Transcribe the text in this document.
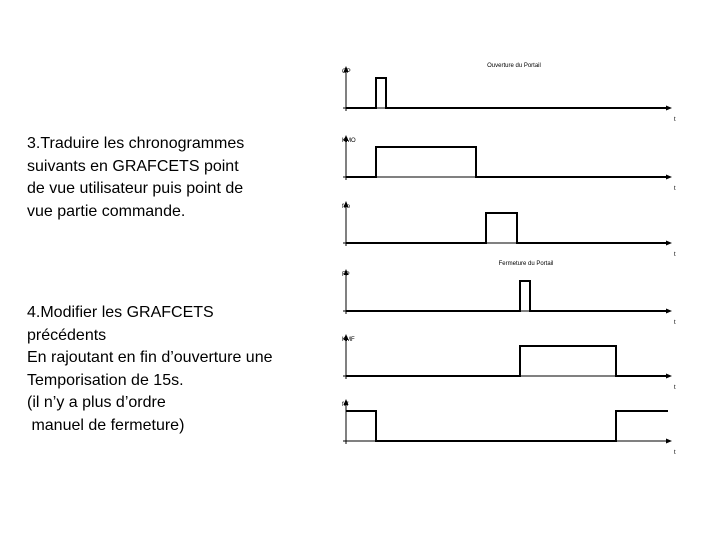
3.Traduire les chronogrammes
suivants en GRAFCETS point
de vue utilisateur puis point de
vue partie commande.
4.Modifier les GRAFCETS
précédents
En rajoutant en fin d’ouverture une
Temporisation de 15s.
(il n’y a plus d’ordre
manuel de fermeture)
Ouverture du Portail
t
OP
t
KMO
t
fco
Fermeture du Portail
t
FP
t
KMF
t
fcf
